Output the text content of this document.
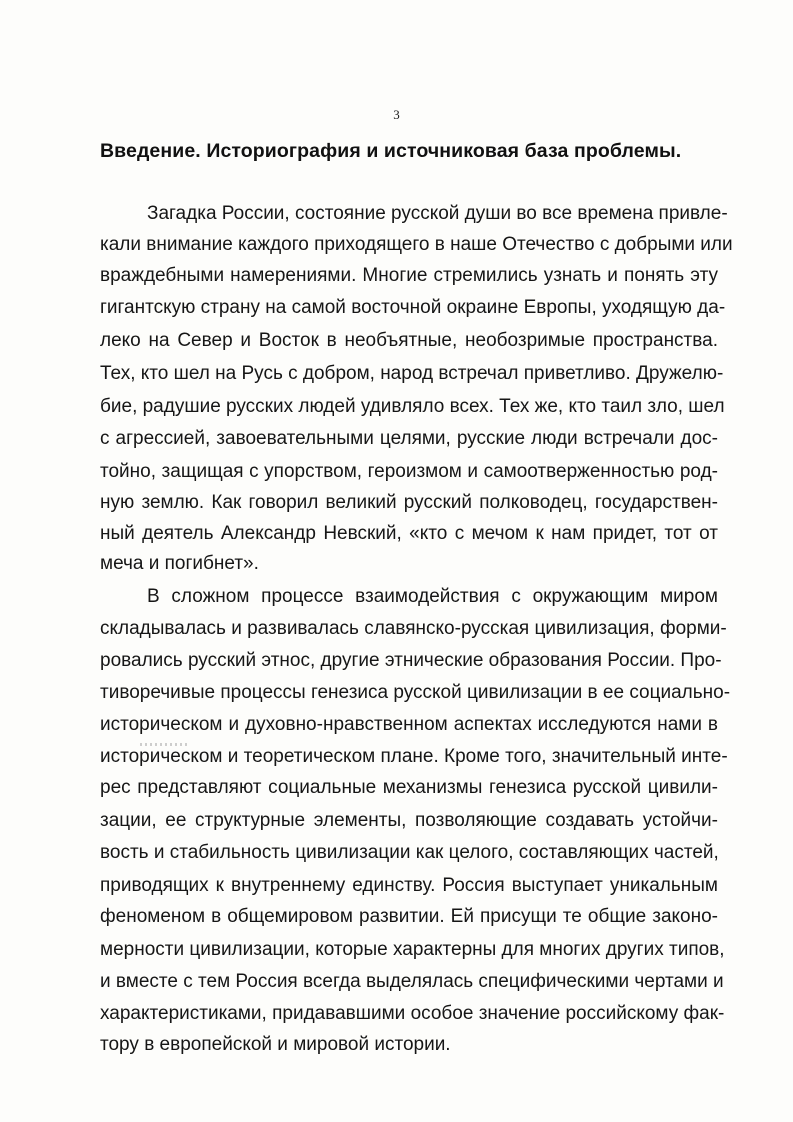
3
Введение. Историография и источниковая база проблемы.
Загадка России, состояние русской души во все времена привле-
кали внимание каждого приходящего в наше Отечество с добрыми или
враждебными намерениями. Многие стремились узнать и понять эту
гигантскую страну на самой восточной окраине Европы, уходящую да-
леко на Север и Восток в необъятные, необозримые пространства.
Тех, кто шел на Русь с добром, народ встречал приветливо. Дружелю-
бие, радушие русских людей удивляло всех. Тех же, кто таил зло, шел
с агрессией, завоевательными целями, русские люди встречали дос-
тойно, защищая с упорством, героизмом и самоотверженностью род-
ную землю. Как говорил великий русский полководец, государствен-
ный деятель Александр Невский, «кто с мечом к нам придет, тот от
меча и погибнет».
В сложном процессе взаимодействия с окружающим миром
складывалась и развивалась славянско-русская цивилизация, форми-
ровались русский этнос, другие этнические образования России. Про-
тиворечивые процессы генезиса русской цивилизации в ее социально-
историческом и духовно-нравственном аспектах исследуются нами в
историческом и теоретическом плане. Кроме того, значительный инте-
рес представляют социальные механизмы генезиса русской цивили-
зации, ее структурные элементы, позволяющие создавать устойчи-
вость и стабильность цивилизации как целого, составляющих частей,
приводящих к внутреннему единству. Россия выступает уникальным
феноменом в общемировом развитии. Ей присущи те общие законо-
мерности цивилизации, которые характерны для многих других типов,
и вместе с тем Россия всегда выделялась специфическими чертами и
характеристиками, придававшими особое значение российскому фак-
тору в европейской и мировой истории.
